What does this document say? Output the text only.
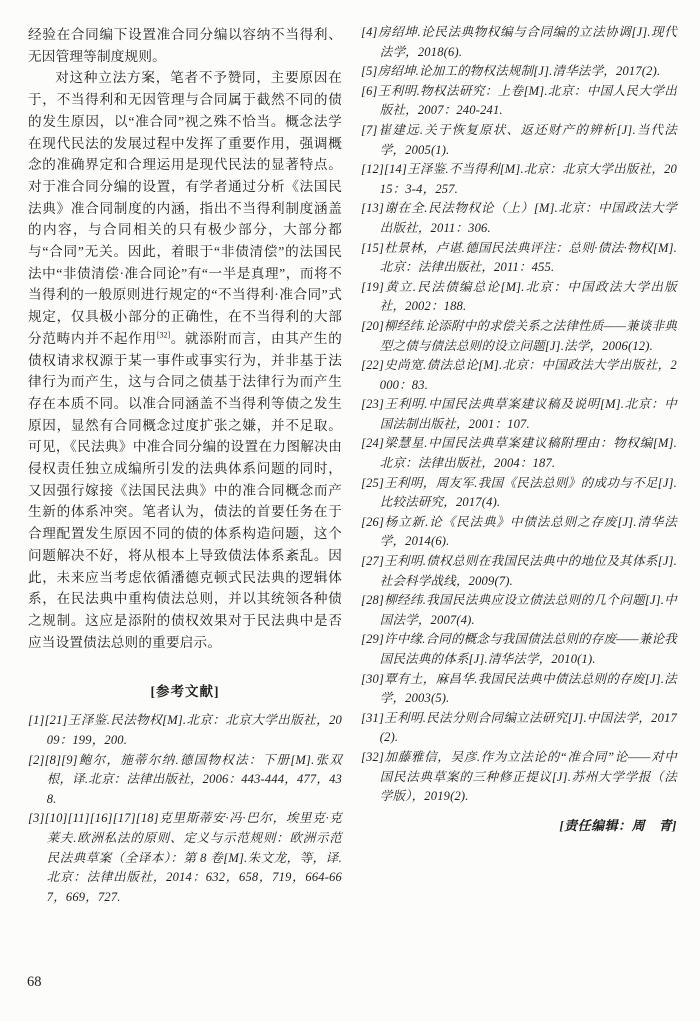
经验在合同编下设置准合同分编以容纳不当得利、无因管理等制度规则。

对这种立法方案，笔者不予赞同，主要原因在于，不当得利和无因管理与合同属于截然不同的债的发生原因，以“准合同”视之殊不恰当。概念法学在现代民法的发展过程中发挥了重要作用，强调概念的准确界定和合理运用是现代民法的显著特点。对于准合同分编的设置，有学者通过分析《法国民法典》准合同制度的内涵，指出不当得利制度涵盖的内容，与合同相关的只有极少部分，大部分都与“合同”无关。因此，着眼于“非债清偿”的法国民法中“非债清偿·准合同论”有“一半是真理”，而将不当得利的一般原则进行规定的“不当得利·准合同”式规定，仅具极小部分的正确性，在不当得利的大部分范畴内并不起作用[32]。就添附而言，由其产生的债权请求权源于某一事件或事实行为，并非基于法律行为而产生，这与合同之债基于法律行为而产生存在本质不同。以准合同涵盖不当得利等债之发生原因，显然有合同概念过度扩张之嫌，并不足取。可见，《民法典》中准合同分编的设置在力图解决由侵权责任独立成编所引发的法典体系问题的同时，又因强行嫁接《法国民法典》中的准合同概念而产生新的体系冲突。笔者认为，债法的首要任务在于合理配置发生原因不同的债的体系构造问题，这个问题解决不好，将从根本上导致债法体系紊乱。因此，未来应当考虑依循潘德克顿式民法典的逻辑体系，在民法典中重构债法总则，并以其统领各种债之规制。这应是添附的债权效果对于民法典中是否应当设置债法总则的重要启示。

[参考文献]
[1][21]王泽鉴.民法物权[M].北京：北京大学出版社，2009：199，200.
[2][8][9]鲍尔，施蒂尔纳.德国物权法：下册[M].张双根，译.北京：法律出版社，2006：443-444，477，438.
[3][10][11][16][17][18]克里斯蒂安·冯·巴尔，埃里克·克莱夫.欧洲私法的原则、定义与示范规则：欧洲示范民法典草案（全译本）：第 8 卷[M].朱文龙，等，译.北京：法律出版社，2014：632，658，719，664-667，669，727.
[4]房绍坤.论民法典物权编与合同编的立法协调[J].现代法学，2018(6).
[5]房绍坤.论加工的物权法规制[J].清华法学，2017(2).
[6]王利明.物权法研究：上卷[M].北京：中国人民大学出版社，2007：240-241.
[7]崔建远.关于恢复原状、返还财产的辨析[J].当代法学，2005(1).
[12][14]王泽鉴.不当得利[M].北京：北京大学出版社，2015：3-4，257.
[13]谢在全.民法物权论（上）[M].北京：中国政法大学出版社，2011：306.
[15]杜景林，卢谌.德国民法典评注：总则·债法·物权[M].北京：法律出版社，2011：455.
[19]黄立.民法债编总论[M].北京：中国政法大学出版社，2002：188.
[20]柳经纬.论添附中的求偿关系之法律性质——兼谈非典型之债与债法总则的设立问题[J].法学，2006(12).
[22]史尚宽.债法总论[M].北京：中国政法大学出版社，2000：83.
[23]王利明.中国民法典草案建议稿及说明[M].北京：中国法制出版社，2001：107.
[24]梁慧星.中国民法典草案建议稿附理由：物权编[M].北京：法律出版社，2004：187.
[25]王利明，周友军.我国《民法总则》的成功与不足[J].比较法研究，2017(4).
[26]杨立新.论《民法典》中债法总则之存废[J].清华法学，2014(6).
[27]王利明.债权总则在我国民法典中的地位及其体系[J].社会科学战线，2009(7).
[28]柳经纬.我国民法典应设立债法总则的几个问题[J].中国法学，2007(4).
[29]许中缘.合同的概念与我国债法总则的存废——兼论我国民法典的体系[J].清华法学，2010(1).
[30]覃有土，麻昌华.我国民法典中债法总则的存废[J].法学，2003(5).
[31]王利明.民法分则合同编立法研究[J].中国法学，2017(2).
[32]加藤雅信，吴彦.作为立法论的“准合同”论——对中国民法典草案的三种修正提议[J].苏州大学学报（法学版），2019(2).
[责任编辑：周　青]
68
